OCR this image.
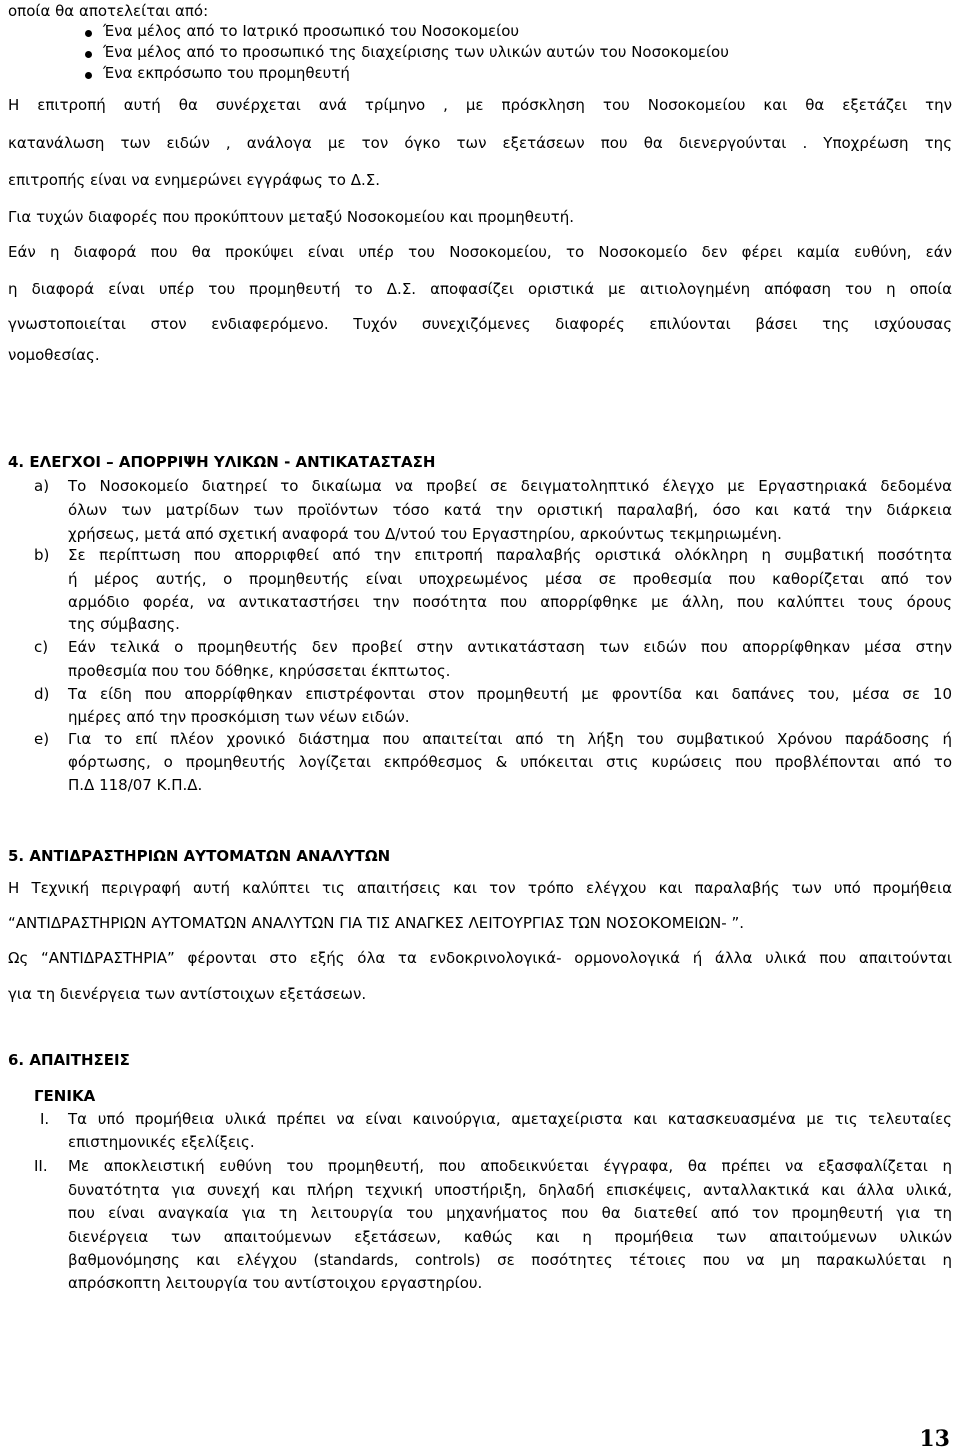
οποία θα αποτελείται από:
Ένα μέλος από το Ιατρικό προσωπικό του Νοσοκομείου
Ένα μέλος από το προσωπικό της διαχείρισης των υλικών αυτών του Νοσοκομείου
Ένα εκπρόσωπο του προμηθευτή
Η επιτροπή αυτή θα συνέρχεται ανά τρίμηνο , με πρόσκληση του Νοσοκομείου και θα εξετάζει την
κατανάλωση των ειδών , ανάλογα με τον όγκο των εξετάσεων που θα διενεργούνται . Υποχρέωση της
επιτροπής είναι να ενημερώνει εγγράφως το Δ.Σ.
Για τυχών διαφορές που προκύπτουν μεταξύ Νοσοκομείου και προμηθευτή.
Εάν η διαφορά που θα προκύψει είναι υπέρ του Νοσοκομείου, το Νοσοκομείο δεν φέρει καμία ευθύνη, εάν
η διαφορά είναι υπέρ του προμηθευτή το Δ.Σ. αποφασίζει οριστικά με αιτιολογημένη απόφαση του η οποία
γνωστοποιείται στον ενδιαφερόμενο. Τυχόν συνεχιζόμενες διαφορές επιλύονται βάσει της ισχύουσας
νομοθεσίας.
4. ΕΛΕΓΧΟΙ – ΑΠΟΡΡΙΨΗ ΥΛΙΚΩΝ - ΑΝΤΙΚΑΤΑΣΤΑΣΗ
a) Το Νοσοκομείο διατηρεί το δικαίωμα να προβεί σε δειγματοληπτικό έλεγχο με Εργαστηριακά δεδομένα
όλων των ματρίδων των προϊόντων τόσο κατά την οριστική παραλαβή, όσο και κατά την διάρκεια
χρήσεως, μετά από σχετική αναφορά του Δ/ντού του Εργαστηρίου, αρκούντως τεκμηριωμένη.
b) Σε περίπτωση που απορριφθεί από την επιτροπή παραλαβής οριστικά ολόκληρη η συμβατική ποσότητα
ή μέρος αυτής, ο προμηθευτής είναι υποχρεωμένος μέσα σε προθεσμία που καθορίζεται από τον
αρμόδιο φορέα, να αντικαταστήσει την ποσότητα που απορρίφθηκε με άλλη, που καλύπτει τους όρους
της σύμβασης.
c) Εάν τελικά ο προμηθευτής δεν προβεί στην αντικατάσταση των ειδών που απορρίφθηκαν μέσα στην
προθεσμία που του δόθηκε, κηρύσσεται έκπτωτος.
d) Τα είδη που απορρίφθηκαν επιστρέφονται στον προμηθευτή με φροντίδα και δαπάνες του, μέσα σε 10
ημέρες από την προσκόμιση των νέων ειδών.
e) Για το επί πλέον χρονικό διάστημα που απαιτείται από τη λήξη του συμβατικού Χρόνου παράδοσης ή
φόρτωσης, ο προμηθευτής λογίζεται εκπρόθεσμος & υπόκειται στις κυρώσεις που προβλέπονται από το
Π.Δ 118/07 Κ.Π.Δ.
5. ΑΝΤΙΔΡΑΣΤΗΡΙΩΝ ΑΥΤΟΜΑΤΩΝ ΑΝΑΛΥΤΩΝ
Η Τεχνική περιγραφή αυτή καλύπτει τις απαιτήσεις και τον τρόπο ελέγχου και παραλαβής των υπό προμήθεια
“ΑΝΤΙΔΡΑΣΤΗΡΙΩΝ ΑΥΤΟΜΑΤΩΝ ΑΝΑΛΥΤΩΝ ΓΙΑ ΤΙΣ ΑΝΑΓΚΕΣ ΛΕΙΤΟΥΡΓΙΑΣ ΤΩΝ ΝΟΣΟΚΟΜΕΙΩΝ- ”.
Ως “ΑΝΤΙΔΡΑΣΤΗΡΙΑ” φέρονται στο εξής όλα τα ενδοκρινολογικά- ορμονολογικά ή άλλα υλικά που απαιτούνται
για τη διενέργεια των αντίστοιχων εξετάσεων.
6. ΑΠΑΙΤΗΣΕΙΣ
ΓΕΝΙΚΑ
I. Τα υπό προμήθεια υλικά πρέπει να είναι καινούργια, αμεταχείριστα και κατασκευασμένα με τις τελευταίες
επιστημονικές εξελίξεις.
II. Με αποκλειστική ευθύνη του προμηθευτή, που αποδεικνύεται έγγραφα, θα πρέπει να εξασφαλίζεται η
δυνατότητα για συνεχή και πλήρη τεχνική υποστήριξη, δηλαδή επισκέψεις, ανταλλακτικά και άλλα υλικά,
που είναι αναγκαία για τη λειτουργία του μηχανήματος που θα διατεθεί από τον προμηθευτή για τη
διενέργεια των απαιτούμενων εξετάσεων, καθώς και η προμήθεια των απαιτούμενων υλικών
βαθμονόμησης και ελέγχου (standards, controls) σε ποσότητες τέτοιες που να μη παρακωλύεται η
απρόσκοπτη λειτουργία του αντίστοιχου εργαστηρίου.
13
